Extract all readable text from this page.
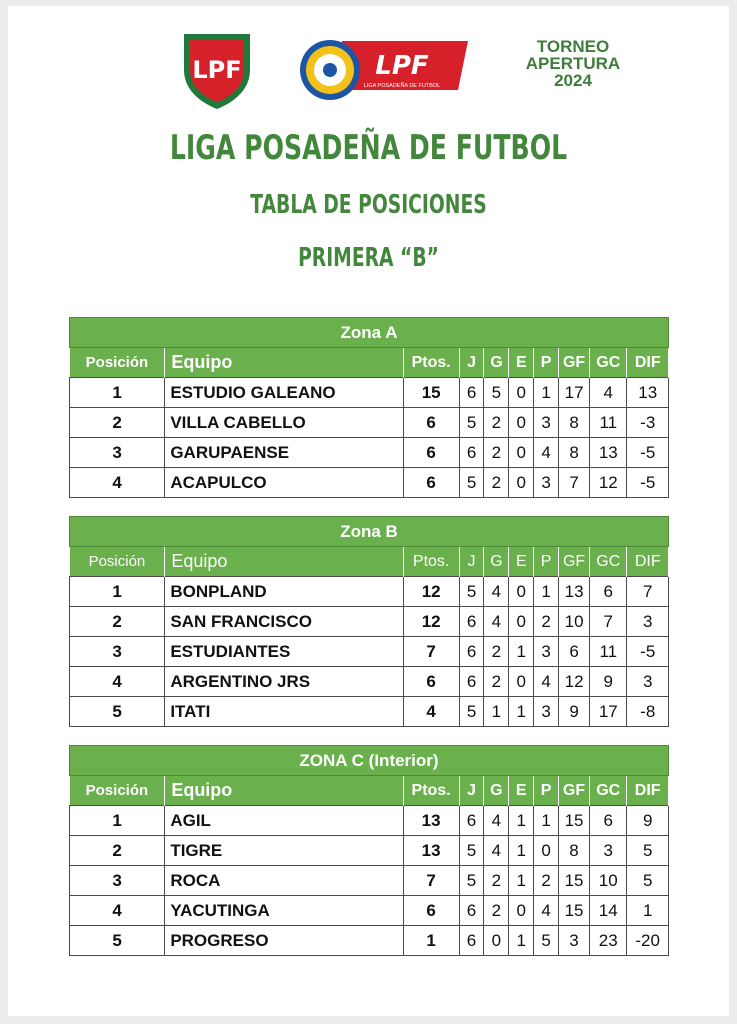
LPF	LPF
LIGA POSADEÑA DE FUTBOL
TORNEO
APERTURA
2024
LIGA POSADEÑA DE FUTBOL
TABLA DE POSICIONES
PRIMERA “B”
Zona A									
Posición	Equipo	Ptos.	J	G	E	P	GF	GC	DIF
1	ESTUDIO GALEANO	15	6	5	0	1	17	4	13
2	VILLA CABELLO	6	5	2	0	3	8	11	-3
3	GARUPAENSE	6	6	2	0	4	8	13	-5
4	ACAPULCO	6	5	2	0	3	7	12	-5
Zona B									
Posición	Equipo	Ptos.	J	G	E	P	GF	GC	DIF
1	BONPLAND	12	5	4	0	1	13	6	7
2	SAN FRANCISCO	12	6	4	0	2	10	7	3
3	ESTUDIANTES	7	6	2	1	3	6	11	-5
4	ARGENTINO JRS	6	6	2	0	4	12	9	3
5	ITATI	4	5	1	1	3	9	17	-8
ZONA C (Interior)									
Posición	Equipo	Ptos.	J	G	E	P	GF	GC	DIF
1	AGIL	13	6	4	1	1	15	6	9
2	TIGRE	13	5	4	1	0	8	3	5
3	ROCA	7	5	2	1	2	15	10	5
4	YACUTINGA	6	6	2	0	4	15	14	1
5	PROGRESO	1	6	0	1	5	3	23	-20
